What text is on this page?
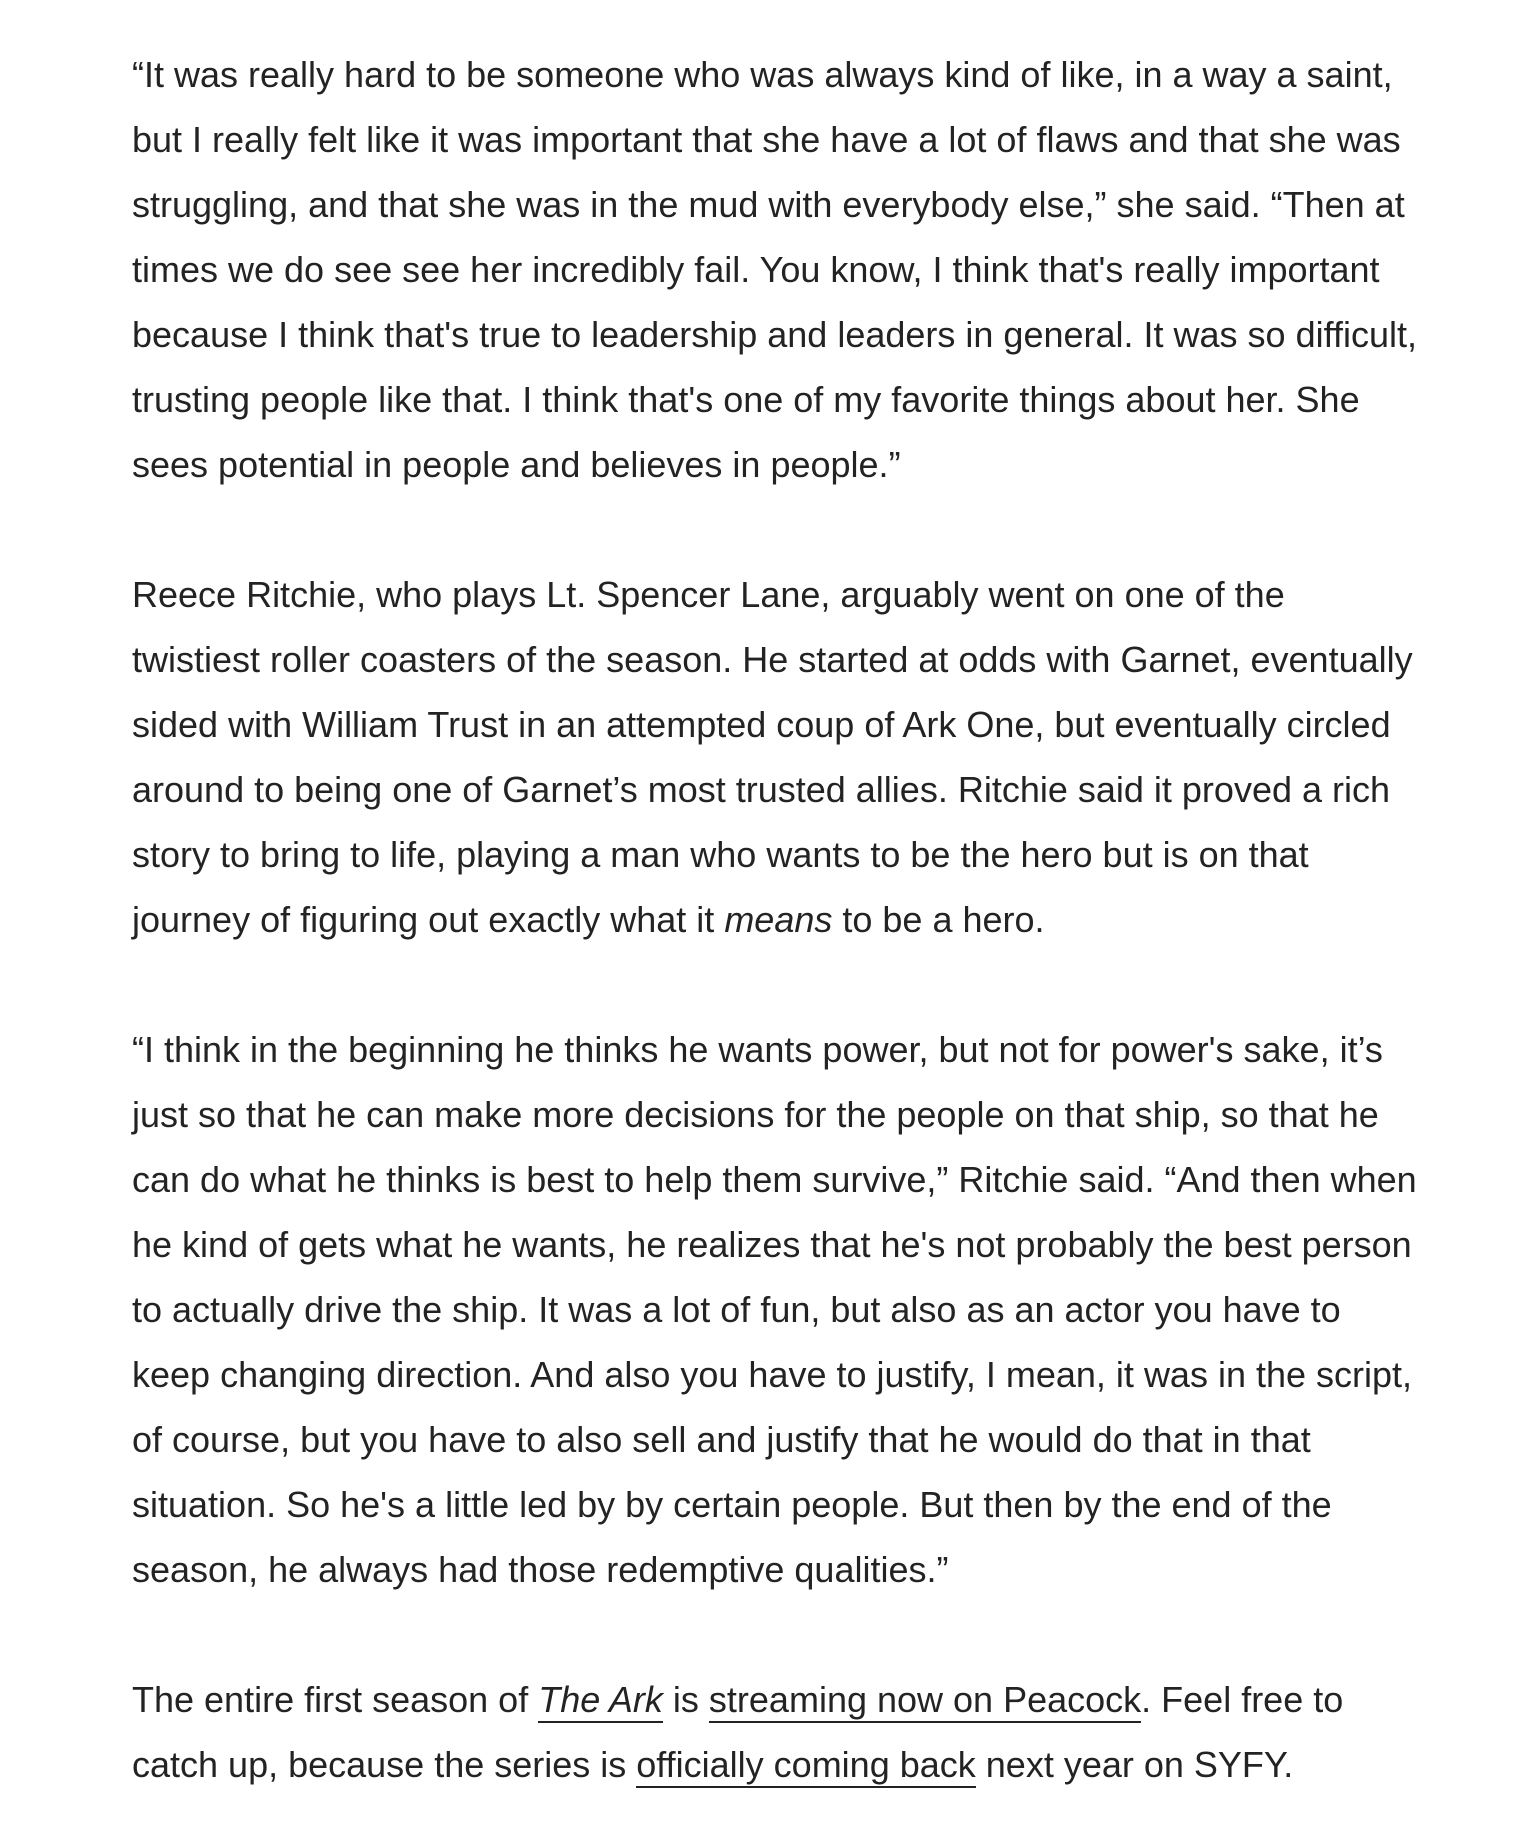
“It was really hard to be someone who was always kind of like, in a way a saint, but I really felt like it was important that she have a lot of flaws and that she was struggling, and that she was in the mud with everybody else,” she said. “Then at times we do see see her incredibly fail. You know, I think that's really important because I think that's true to leadership and leaders in general. It was so difficult, trusting people like that. I think that's one of my favorite things about her. She sees potential in people and believes in people.”

Reece Ritchie, who plays Lt. Spencer Lane, arguably went on one of the twistiest roller coasters of the season. He started at odds with Garnet, eventually sided with William Trust in an attempted coup of Ark One, but eventually circled around to being one of Garnet’s most trusted allies. Ritchie said it proved a rich story to bring to life, playing a man who wants to be the hero but is on that journey of figuring out exactly what it means to be a hero.

“I think in the beginning he thinks he wants power, but not for power's sake, it’s just so that he can make more decisions for the people on that ship, so that he can do what he thinks is best to help them survive,” Ritchie said. “And then when he kind of gets what he wants, he realizes that he's not probably the best person to actually drive the ship. It was a lot of fun, but also as an actor you have to keep changing direction. And also you have to justify, I mean, it was in the script, of course, but you have to also sell and justify that he would do that in that situation. So he's a little led by by certain people. But then by the end of the season, he always had those redemptive qualities.”

The entire first season of The Ark is streaming now on Peacock. Feel free to catch up, because the series is officially coming back next year on SYFY.
